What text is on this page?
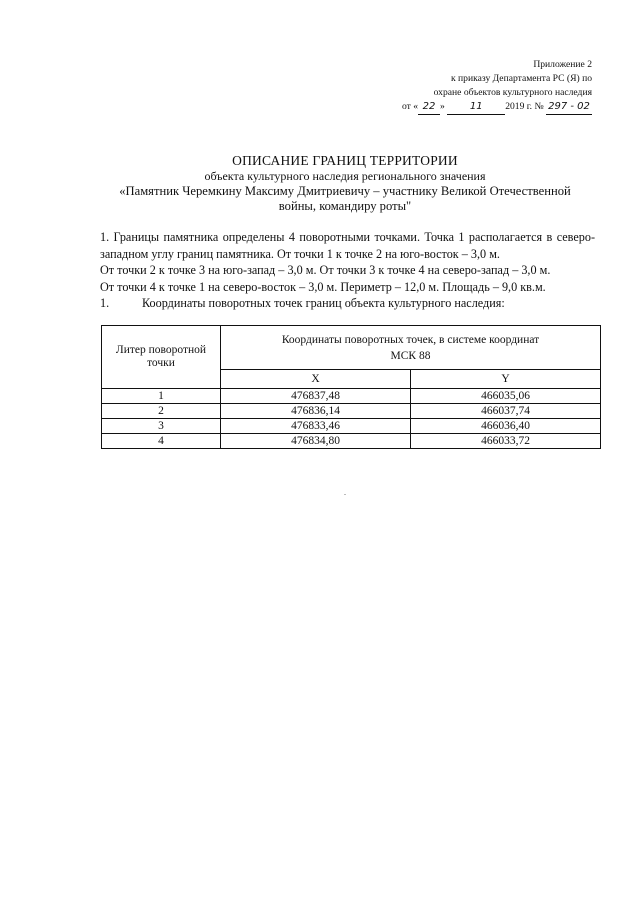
Приложение 2
к приказу Департамента РС (Я) по
охране объектов культурного наследия
от « 22 »	11 2019 г. № 297 - 02
ОПИСАНИЕ ГРАНИЦ ТЕРРИТОРИИ
объекта культурного наследия регионального значения
«Памятник Черемкину Максиму Дмитриевичу – участнику Великой Отечественной
войны, командиру роты"

1. Границы памятника определены 4 поворотными точками. Точка 1 располагается в северо-западном углу границ памятника. От точки 1 к точке 2 на юго-восток – 3,0 м.

От точки 2 к точке 3 на юго-запад – 3,0 м. От точки 3 к точке 4 на северо-запад – 3,0 м.

От точки 4 к точке 1 на северо-восток – 3,0 м. Периметр – 12,0 м. Площадь – 9,0 кв.м.

1.	Координаты поворотных точек границ объекта культурного наследия:

Литер поворотной точки	Координаты поворотных точек, в системе координат
МСК 88	
	X	Y
1	476837,48	466035,06
2	476836,14	466037,74
3	476833,46	466036,40
4	476834,80	466033,72
